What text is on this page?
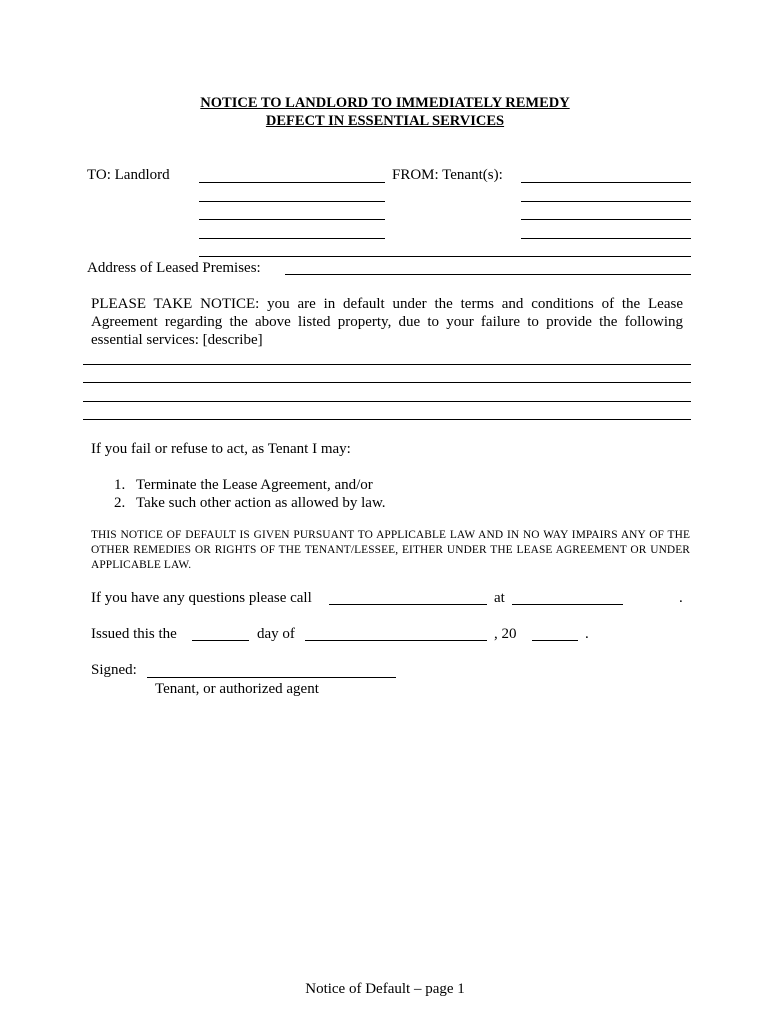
NOTICE TO LANDLORD TO IMMEDIATELY REMEDY
DEFECT IN ESSENTIAL SERVICES
TO: Landlord	FROM: Tenant(s):
Address of Leased Premises:
PLEASE TAKE NOTICE: you are in default under the terms and conditions of the Lease Agreement regarding the above listed property, due to your failure to provide the following essential services: [describe]
If you fail or refuse to act, as Tenant I may:
1. Terminate the Lease Agreement, and/or
2. Take such other action as allowed by law.
THIS NOTICE OF DEFAULT IS GIVEN PURSUANT TO APPLICABLE LAW AND IN NO WAY IMPAIRS ANY OF THE OTHER REMEDIES OR RIGHTS OF THE TENANT/LESSEE, EITHER UNDER THE LEASE AGREEMENT OR UNDER APPLICABLE LAW.
If you have any questions please call	at	.
Issued this the	day of	, 20	.
Signed:
Tenant, or authorized agent
Notice of Default – page 1
